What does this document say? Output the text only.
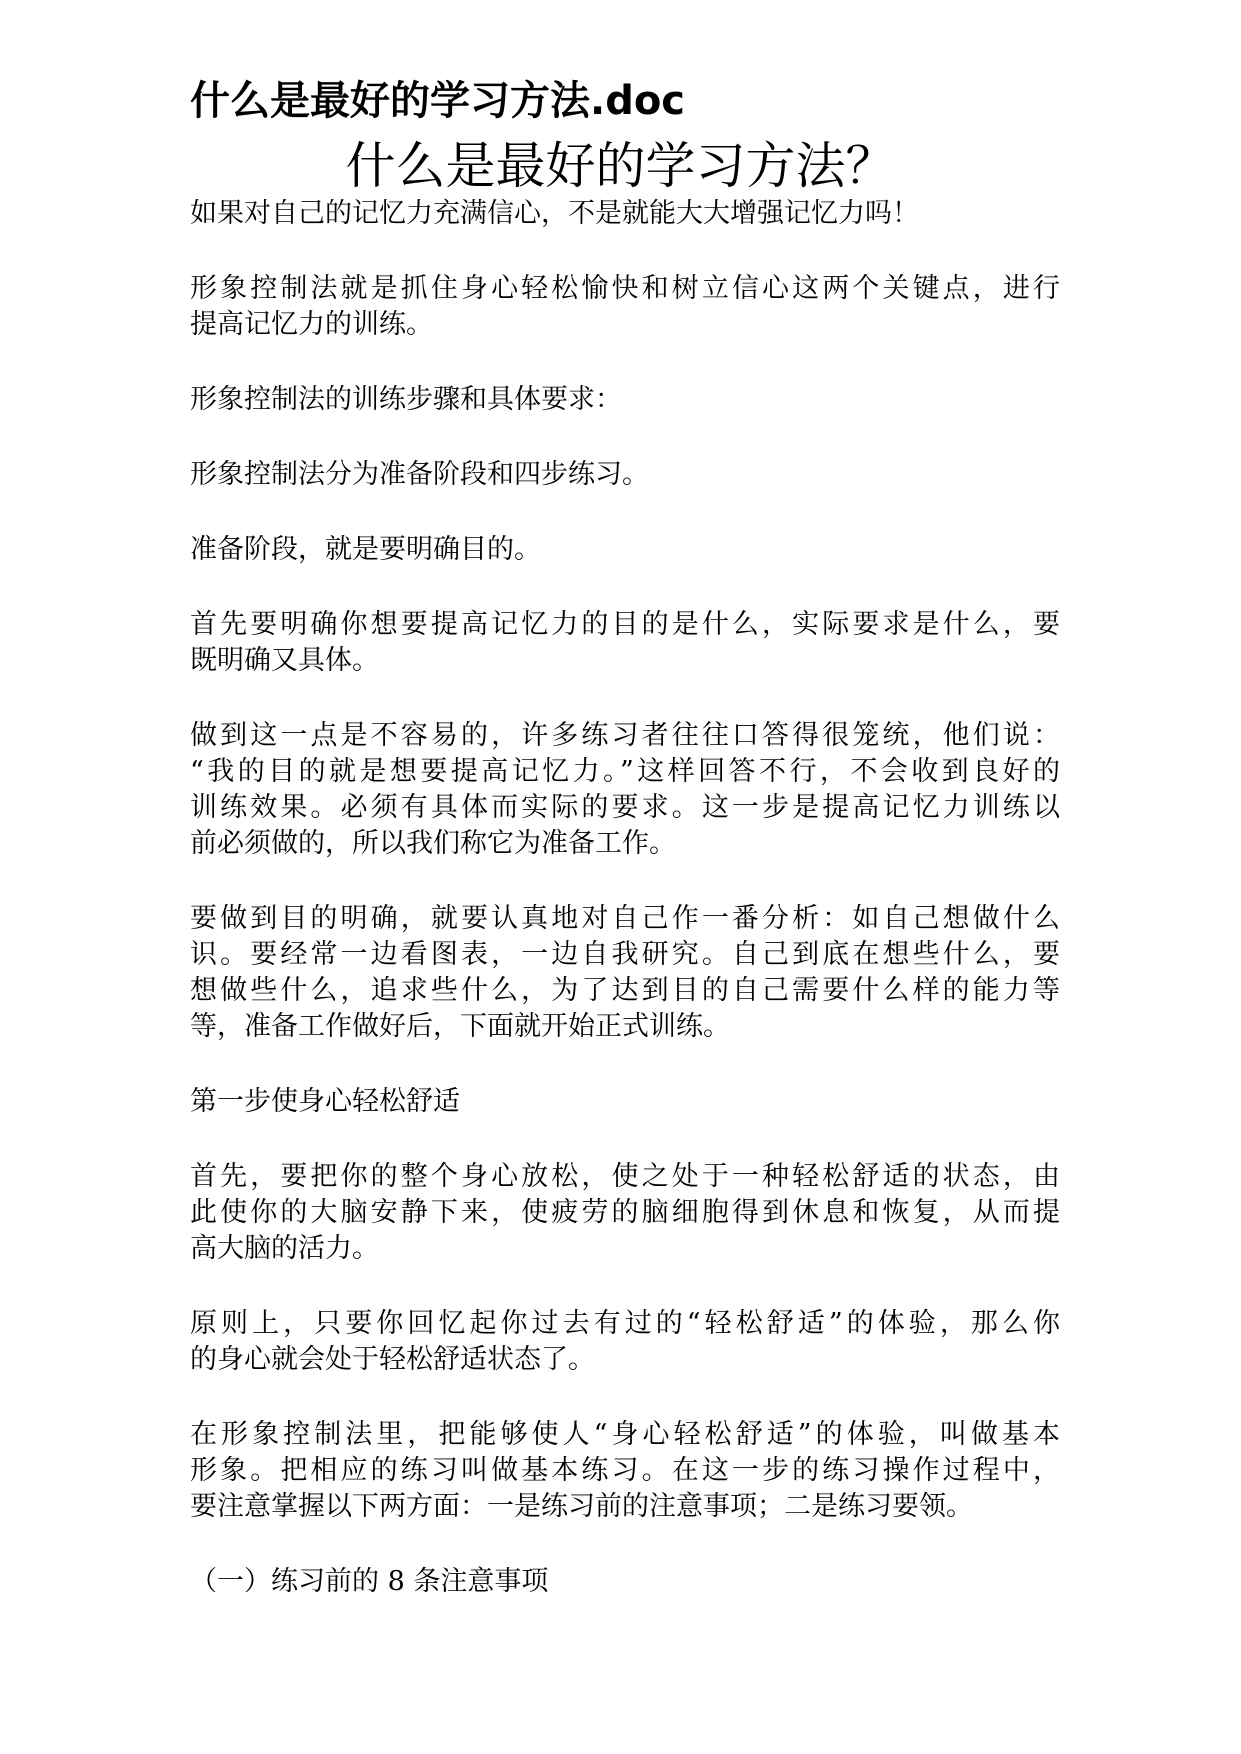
什么是最好的学习方法.doc
什么是最好的学习方法？
如果对自己的记忆力充满信心，不是就能大大增强记忆力吗！
形象控制法就是抓住身心轻松愉快和树立信心这两个关键点，进行
提高记忆力的训练。
形象控制法的训练步骤和具体要求：
形象控制法分为准备阶段和四步练习。
准备阶段，就是要明确目的。
首先要明确你想要提高记忆力的目的是什么，实际要求是什么，要
既明确又具体。
做到这一点是不容易的，许多练习者往往口答得很笼统，他们说：
“我的目的就是想要提高记忆力。”这样回答不行，不会收到良好的
训练效果。必须有具体而实际的要求。这一步是提高记忆力训练以
前必须做的，所以我们称它为准备工作。
要做到目的明确，就要认真地对自己作一番分析：如自己想做什么
识。要经常一边看图表，一边自我研究。自己到底在想些什么，要
想做些什么，追求些什么，为了达到目的自己需要什么样的能力等
等，准备工作做好后，下面就开始正式训练。
第一步使身心轻松舒适
首先，要把你的整个身心放松，使之处于一种轻松舒适的状态，由
此使你的大脑安静下来，使疲劳的脑细胞得到休息和恢复，从而提
高大脑的活力。
原则上，只要你回忆起你过去有过的“轻松舒适”的体验，那么你
的身心就会处于轻松舒适状态了。
在形象控制法里，把能够使人“身心轻松舒适”的体验，叫做基本
形象。把相应的练习叫做基本练习。在这一步的练习操作过程中，
要注意掌握以下两方面：一是练习前的注意事项；二是练习要领。
（一）练习前的 8 条注意事项
